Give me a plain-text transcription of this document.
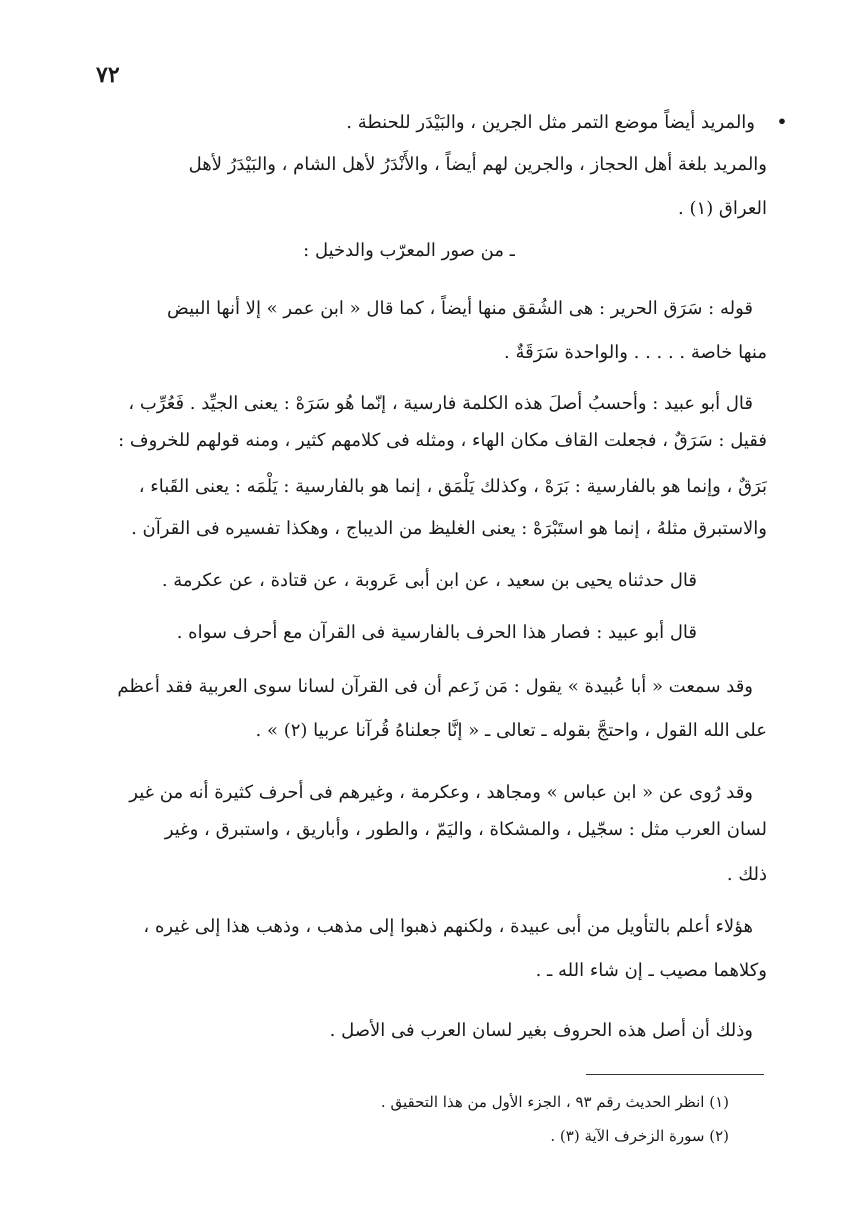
٧٢
•
والمريد أيضاً موضع التمر مثل الجرين ، والبَيْدَر للحنطة .
والمريد بلغة أهل الحجاز ، والجرين لهم أيضاً ، والأَنْدَرُ لأهل الشام ، والبَيْدَرُ لأهل
العراق (١) .
ـ من صور المعرّب والدخيل :
قوله : سَرَق الحرير : هى الشُقق منها أيضاً ، كما قال « ابن عمر » إلا أنها البيض
منها خاصة . . . . . والواحدة سَرَقَةٌ .
قال أبو عبيد : وأحسبُ أصلَ هذه الكلمة فارسية ، إنّما هُو سَرَهْ : يعنى الجيِّد . فَعُرِّب ،
فقيل : سَرَقٌ ، فجعلت القاف مكان الهاء ، ومثله فى كلامهم كثير ، ومنه قولهم للخروف :
بَرَقٌ ، وإنما هو بالفارسية : بَرَهْ ، وكذلك يَلْمَق ، إنما هو بالفارسية : يَلْمَه : يعنى القَباء ،
والاستبرق مثلهُ ، إنما هو استَبْرَهْ : يعنى الغليظ من الديباج ، وهكذا تفسيره فى القرآن .
قال حدثناه يحيى بن سعيد ، عن ابن أبى عَروبة ، عن قتادة ، عن عكرمة .
قال أبو عبيد : فصار هذا الحرف بالفارسية فى القرآن مع أحرف سواه .
وقد سمعت « أبا عُبيدة » يقول : مَن زَعم أن فى القرآن لسانا سوى العربية فقد أعظم
على الله القول ، واحتجَّ بقوله ـ تعالى ـ « إنَّا جعلناهُ قُرآنا عربيا (٢) » .
وقد رُوى عن « ابن عباس » ومجاهد ، وعكرمة ، وغيرهم فى أحرف كثيرة أنه من غير
لسان العرب مثل : سجّيل ، والمشكاة ، واليَمّ ، والطور ، وأباريق ، واستبرق ، وغير
ذلك .
هؤلاء أعلم بالتأويل من أبى عبيدة ، ولكنهم ذهبوا إلى مذهب ، وذهب هذا إلى غيره ،
وكلاهما مصيب ـ إن شاء الله ـ .
وذلك أن أصل هذه الحروف بغير لسان العرب فى الأصل .
(١) انظر الحديث رقم ٩٣ ، الجزء الأول من هذا التحقيق .
(٢) سورة الزخرف الآية (٣) .
